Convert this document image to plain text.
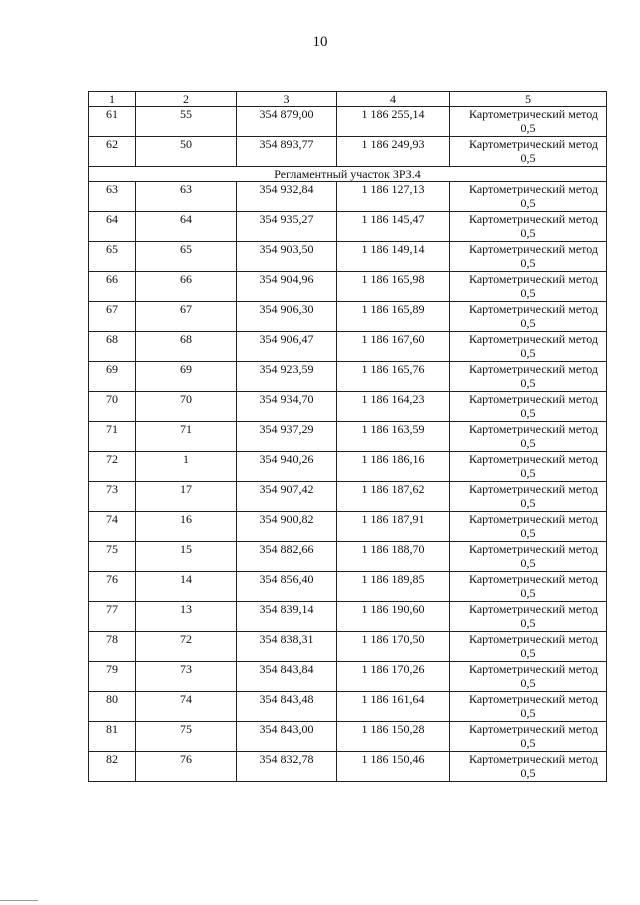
10
1	2	3	4	5
61	55	354 879,00	1 186 255,14	Картометрический метод
0,5

62	50	354 893,77	1 186 249,93	Картометрический метод
0,5

Регламентный участок ЗРЗ.4				
63	63	354 932,84	1 186 127,13	Картометрический метод
0,5

64	64	354 935,27	1 186 145,47	Картометрический метод
0,5

65	65	354 903,50	1 186 149,14	Картометрический метод
0,5

66	66	354 904,96	1 186 165,98	Картометрический метод
0,5

67	67	354 906,30	1 186 165,89	Картометрический метод
0,5

68	68	354 906,47	1 186 167,60	Картометрический метод
0,5

69	69	354 923,59	1 186 165,76	Картометрический метод
0,5

70	70	354 934,70	1 186 164,23	Картометрический метод
0,5

71	71	354 937,29	1 186 163,59	Картометрический метод
0,5

72	1	354 940,26	1 186 186,16	Картометрический метод
0,5

73	17	354 907,42	1 186 187,62	Картометрический метод
0,5

74	16	354 900,82	1 186 187,91	Картометрический метод
0,5

75	15	354 882,66	1 186 188,70	Картометрический метод
0,5

76	14	354 856,40	1 186 189,85	Картометрический метод
0,5

77	13	354 839,14	1 186 190,60	Картометрический метод
0,5

78	72	354 838,31	1 186 170,50	Картометрический метод
0,5

79	73	354 843,84	1 186 170,26	Картометрический метод
0,5

80	74	354 843,48	1 186 161,64	Картометрический метод
0,5

81	75	354 843,00	1 186 150,28	Картометрический метод
0,5

82	76	354 832,78	1 186 150,46	Картометрический метод
0,5
